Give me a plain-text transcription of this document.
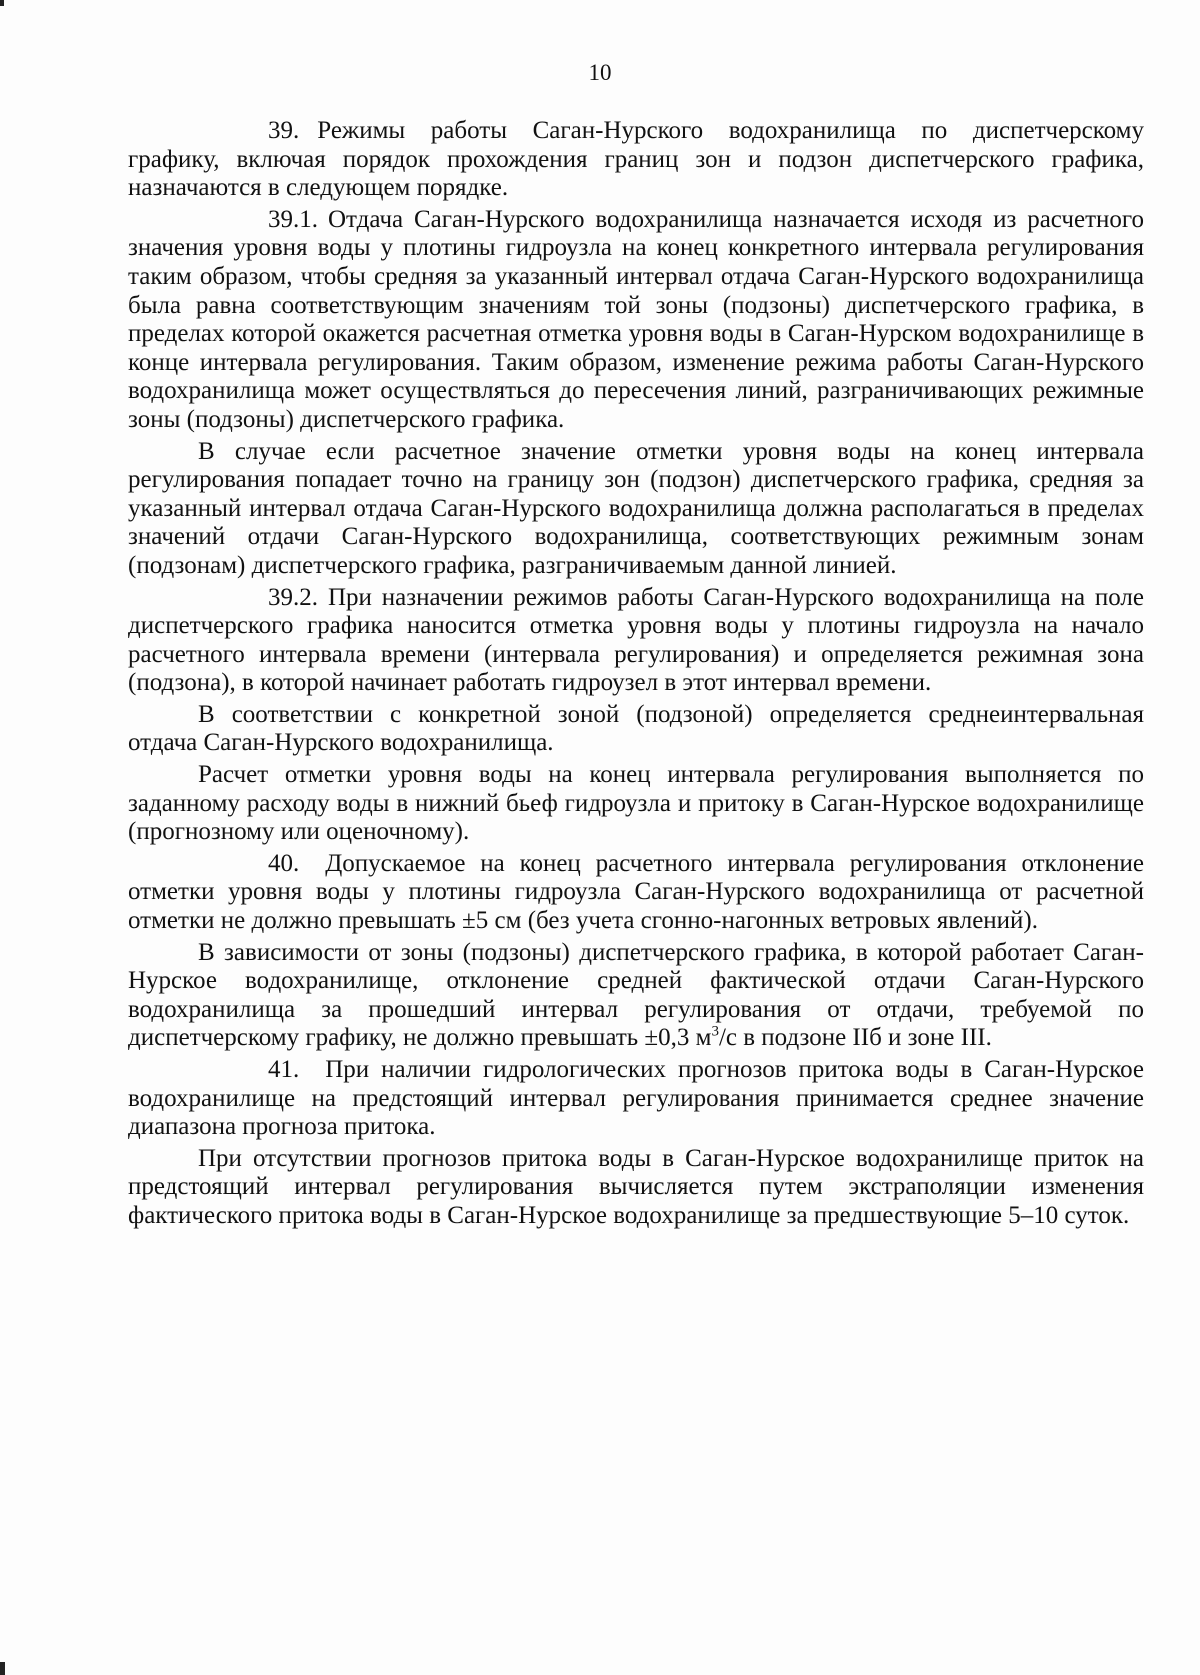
10

39. Режимы работы Саган-Нурского водохранилища по диспетчерскому графику, включая порядок прохождения границ зон и подзон диспетчерского графика, назначаются в следующем порядке.

39.1. Отдача Саган-Нурского водохранилища назначается исходя из расчетного значения уровня воды у плотины гидроузла на конец конкретного интервала регулирования таким образом, чтобы средняя за указанный интервал отдача Саган-Нурского водохранилища была равна соответствующим значениям той зоны (подзоны) диспетчерского графика, в пределах которой окажется расчетная отметка уровня воды в Саган-Нурском водохранилище в конце интервала регулирования. Таким образом, изменение режима работы Саган-Нурского водохранилища может осуществляться до пересечения линий, разграничивающих режимные зоны (подзоны) диспетчерского графика.

В случае если расчетное значение отметки уровня воды на конец интервала регулирования попадает точно на границу зон (подзон) диспетчерского графика, средняя за указанный интервал отдача Саган-Нурского водохранилища должна располагаться в пределах значений отдачи Саган-Нурского водохранилища, соответствующих режимным зонам (подзонам) диспетчерского графика, разграничиваемым данной линией.

39.2. При назначении режимов работы Саган-Нурского водохранилища на поле диспетчерского графика наносится отметка уровня воды у плотины гидроузла на начало расчетного интервала времени (интервала регулирования) и определяется режимная зона (подзона), в которой начинает работать гидроузел в этот интервал времени.

В соответствии с конкретной зоной (подзоной) определяется среднеинтервальная отдача Саган-Нурского водохранилища.

Расчет отметки уровня воды на конец интервала регулирования выполняется по заданному расходу воды в нижний бьеф гидроузла и притоку в Саган-Нурское водохранилище (прогнозному или оценочному).

40. Допускаемое на конец расчетного интервала регулирования отклонение отметки уровня воды у плотины гидроузла Саган-Нурского водохранилища от расчетной отметки не должно превышать ±5 см (без учета сгонно-нагонных ветровых явлений).

В зависимости от зоны (подзоны) диспетчерского графика, в которой работает Саган-Нурское водохранилище, отклонение средней фактической отдачи Саган-Нурского водохранилища за прошедший интервал регулирования от отдачи, требуемой по диспетчерскому графику, не должно превышать ±0,3 $м^3/с$ в подзоне IIб и зоне III.

41. При наличии гидрологических прогнозов притока воды в Саган-Нурское водохранилище на предстоящий интервал регулирования принимается среднее значение диапазона прогноза притока.

При отсутствии прогнозов притока воды в Саган-Нурское водохранилище приток на предстоящий интервал регулирования вычисляется путем экстраполяции изменения фактического притока воды в Саган-Нурское водохранилище за предшествующие 5–10 суток.
